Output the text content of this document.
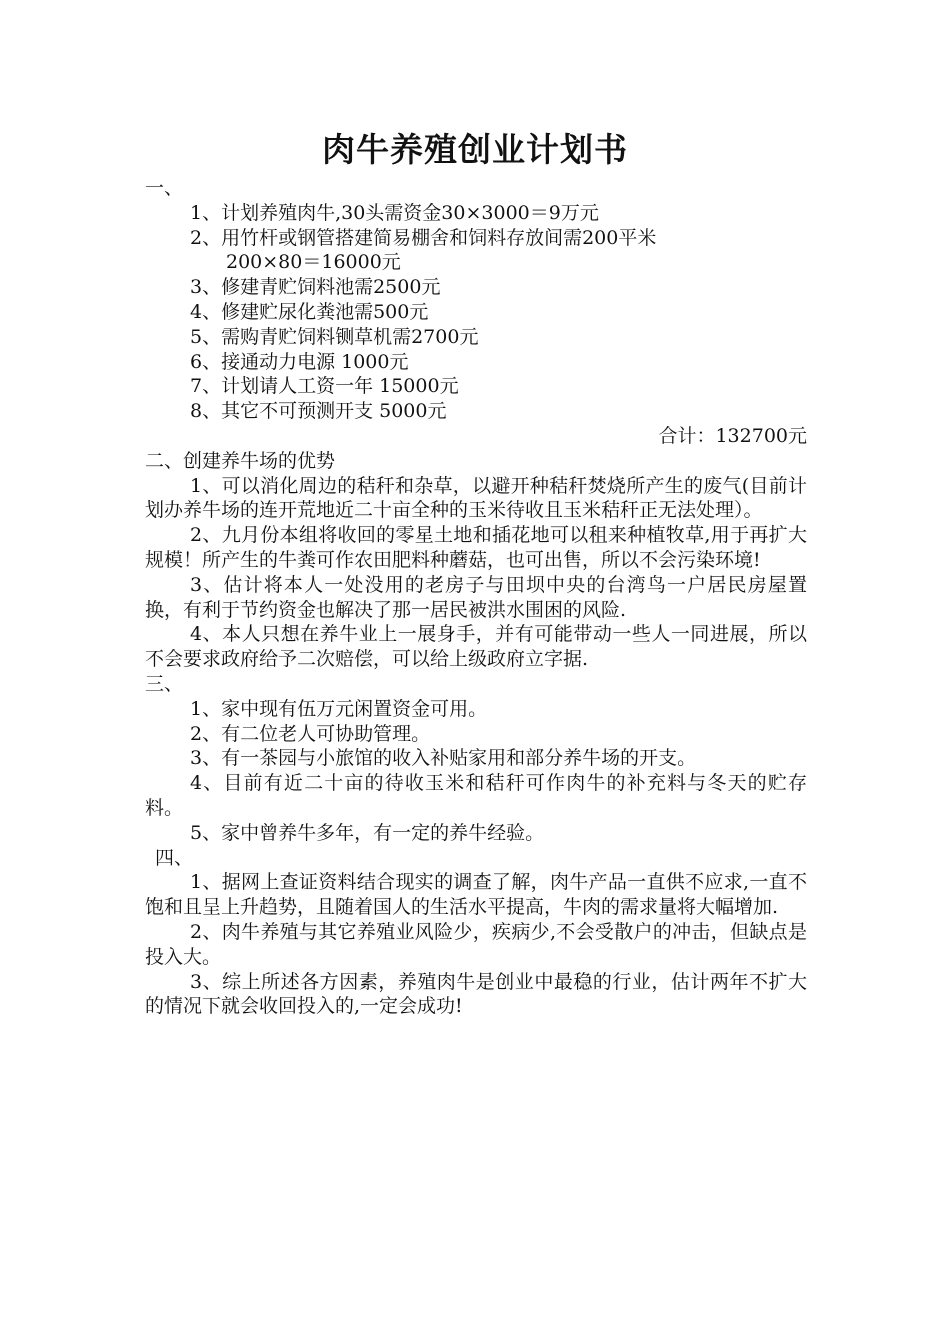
肉牛养殖创业计划书
一、
1、计划养殖肉牛,30头需资金30×3000＝9万元
2、用竹杆或钢管搭建简易棚舍和饲料存放间需200平米
200×80＝16000元
3、修建青贮饲料池需2500元
4、修建贮尿化粪池需500元
5、需购青贮饲料铡草机需2700元
6、接通动力电源 1000元
7、计划请人工资一年 15000元
8、其它不可预测开支 5000元
合计：132700元
二、创建养牛场的优势

1、可以消化周边的秸秆和杂草，以避开种秸秆焚烧所产生的废气(目前计划办养牛场的连开荒地近二十亩全种的玉米待收且玉米秸秆正无法处理）。

2、九月份本组将收回的零星土地和插花地可以租来种植牧草,用于再扩大规模！所产生的牛粪可作农田肥料种蘑菇，也可出售，所以不会污染环境!

3、估计将本人一处没用的老房子与田坝中央的台湾鸟一户居民房屋置换，有利于节约资金也解决了那一居民被洪水围困的风险.

4、本人只想在养牛业上一展身手，并有可能带动一些人一同进展，所以不会要求政府给予二次赔偿，可以给上级政府立字据.

三、

1、家中现有伍万元闲置资金可用。

2、有二位老人可协助管理。

3、有一茶园与小旅馆的收入补贴家用和部分养牛场的开支。

4、目前有近二十亩的待收玉米和秸秆可作肉牛的补充料与冬天的贮存料。

5、家中曾养牛多年，有一定的养牛经验。

四、

1、据网上查证资料结合现实的调查了解，肉牛产品一直供不应求,一直不饱和且呈上升趋势，且随着国人的生活水平提高，牛肉的需求量将大幅增加.

2、肉牛养殖与其它养殖业风险少，疾病少,不会受散户的冲击，但缺点是投入大。

3、综上所述各方因素，养殖肉牛是创业中最稳的行业，估计两年不扩大的情况下就会收回投入的,一定会成功!
